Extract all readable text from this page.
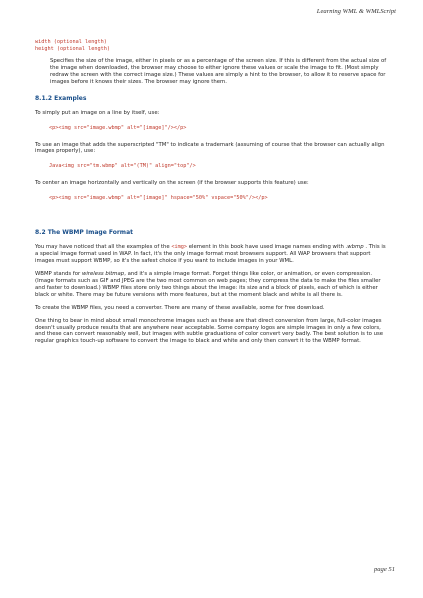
Learning WML & WMLScript
width (optional length)
height (optional length)

Specifies the size of the image, either in pixels or as a percentage of the screen size. If this is different from the actual size of the image when downloaded, the browser may choose to either ignore these values or scale the image to fit. (Most simply redraw the screen with the correct image size.) These values are simply a hint to the browser, to allow it to reserve space for images before it knows their sizes. The browser may ignore them.

8.1.2 Examples

To simply put an image on a line by itself, use:

<p><img src="image.wbmp" alt="[image]"/></p>

To use an image that adds the superscripted "TM" to indicate a trademark (assuming of course that the browser can actually align images properly), use:

Java<img src="tm.wbmp" alt="(TM)" align="top"/>

To center an image horizontally and vertically on the screen (if the browser supports this feature) use:

<p><img src="image.wbmp" alt="[image]" hspace="50%" vspace="50%"/></p>

8.2 The WBMP Image Format

You may have noticed that all the examples of the <img> element in this book have used image names ending with .wbmp . This is a special image format used in WAP. In fact, it's the only image format most browsers support. All WAP browsers that support images must support WBMP, so it's the safest choice if you want to include images in your WML.

WBMP stands for wireless bitmap, and it's a simple image format. Forget things like color, or animation, or even compression. (Image formats such as GIF and JPEG are the two most common on web pages; they compress the data to make the files smaller and faster to download.) WBMP files store only two things about the image: its size and a block of pixels, each of which is either black or white. There may be future versions with more features, but at the moment black and white is all there is.

To create the WBMP files, you need a converter. There are many of these available, some for free download.

One thing to bear in mind about small monochrome images such as these are that direct conversion from large, full-color images doesn't usually produce results that are anywhere near acceptable. Some company logos are simple images in only a few colors, and these can convert reasonably well, but images with subtle graduations of color convert very badly. The best solution is to use regular graphics touch-up software to convert the image to black and white and only then convert it to the WBMP format.

page 51
